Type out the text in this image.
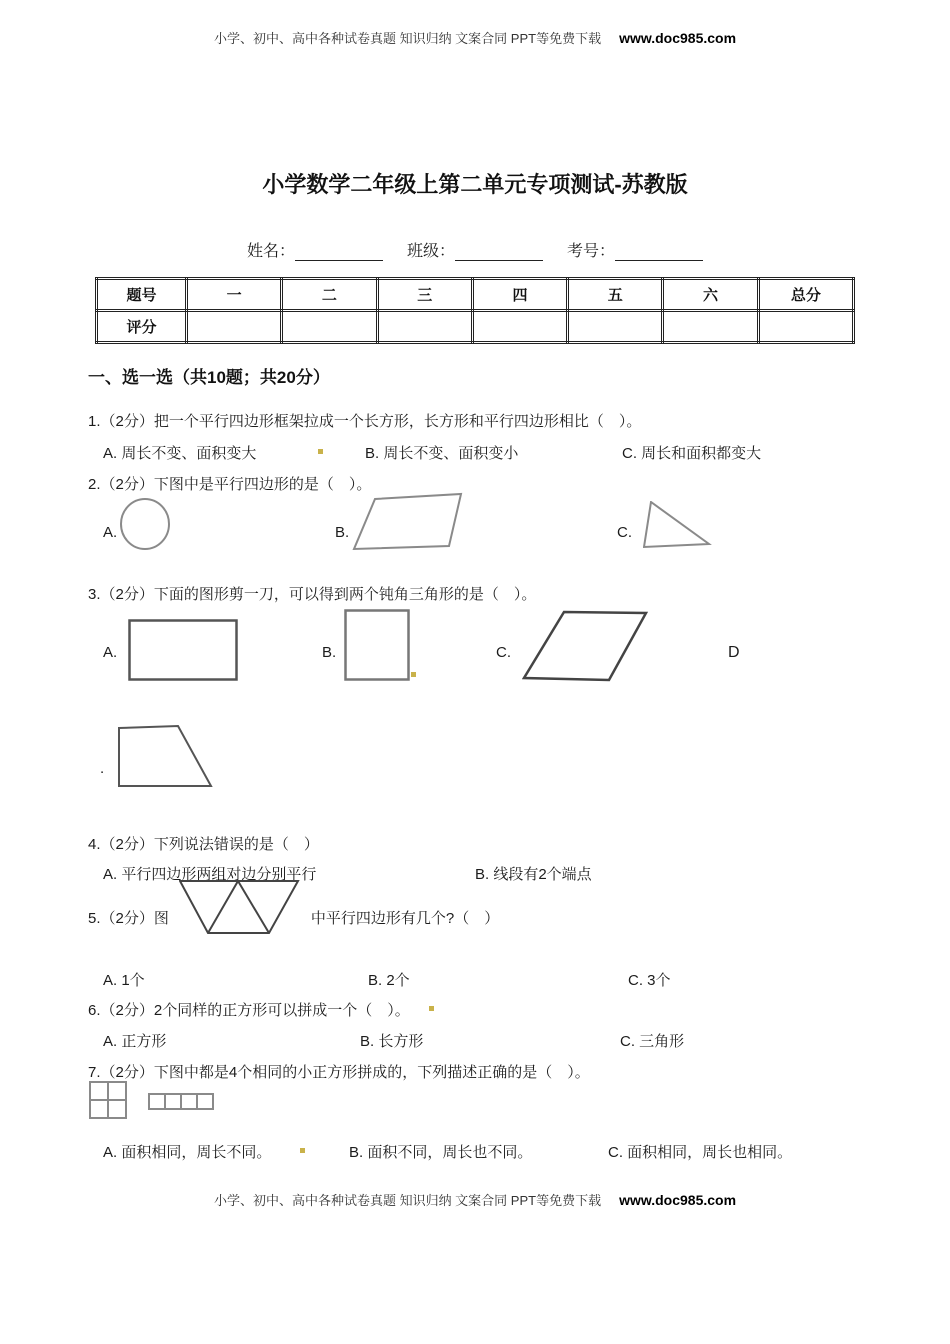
小学、初中、高中各种试卷真题 知识归纳 文案合同 PPT等免费下载 www.doc985.com
小学数学二年级上第二单元专项测试-苏教版
姓名：	班级：	考号：
题号	一	二	三	四	五	六	总分
评分							
一、选一选（共10题；共20分）
1.（2分）把一个平行四边形框架拉成一个长方形，长方形和平行四边形相比（　）。
A. 周长不变、面积变大	B. 周长不变、面积变小	C. 周长和面积都变大
2.（2分）下图中是平行四边形的是（　）。
A.	B.	C.
3.（2分）下面的图形剪一刀，可以得到两个钝角三角形的是（　）。
A.	B.	C.	D
.
4.（2分）下列说法错误的是（　）
A. 平行四边形两组对边分别平行	B. 线段有2个端点
5.（2分）图	中平行四边形有几个?（　）
A. 1个	B. 2个	C. 3个
6.（2分）2个同样的正方形可以拼成一个（　）。
A. 正方形	B. 长方形	C. 三角形
7.（2分）下图中都是4个相同的小正方形拼成的，下列描述正确的是（　）。
A. 面积相同，周长不同。	B. 面积不同，周长也不同。	C. 面积相同，周长也相同。
小学、初中、高中各种试卷真题 知识归纳 文案合同 PPT等免费下载 www.doc985.com
